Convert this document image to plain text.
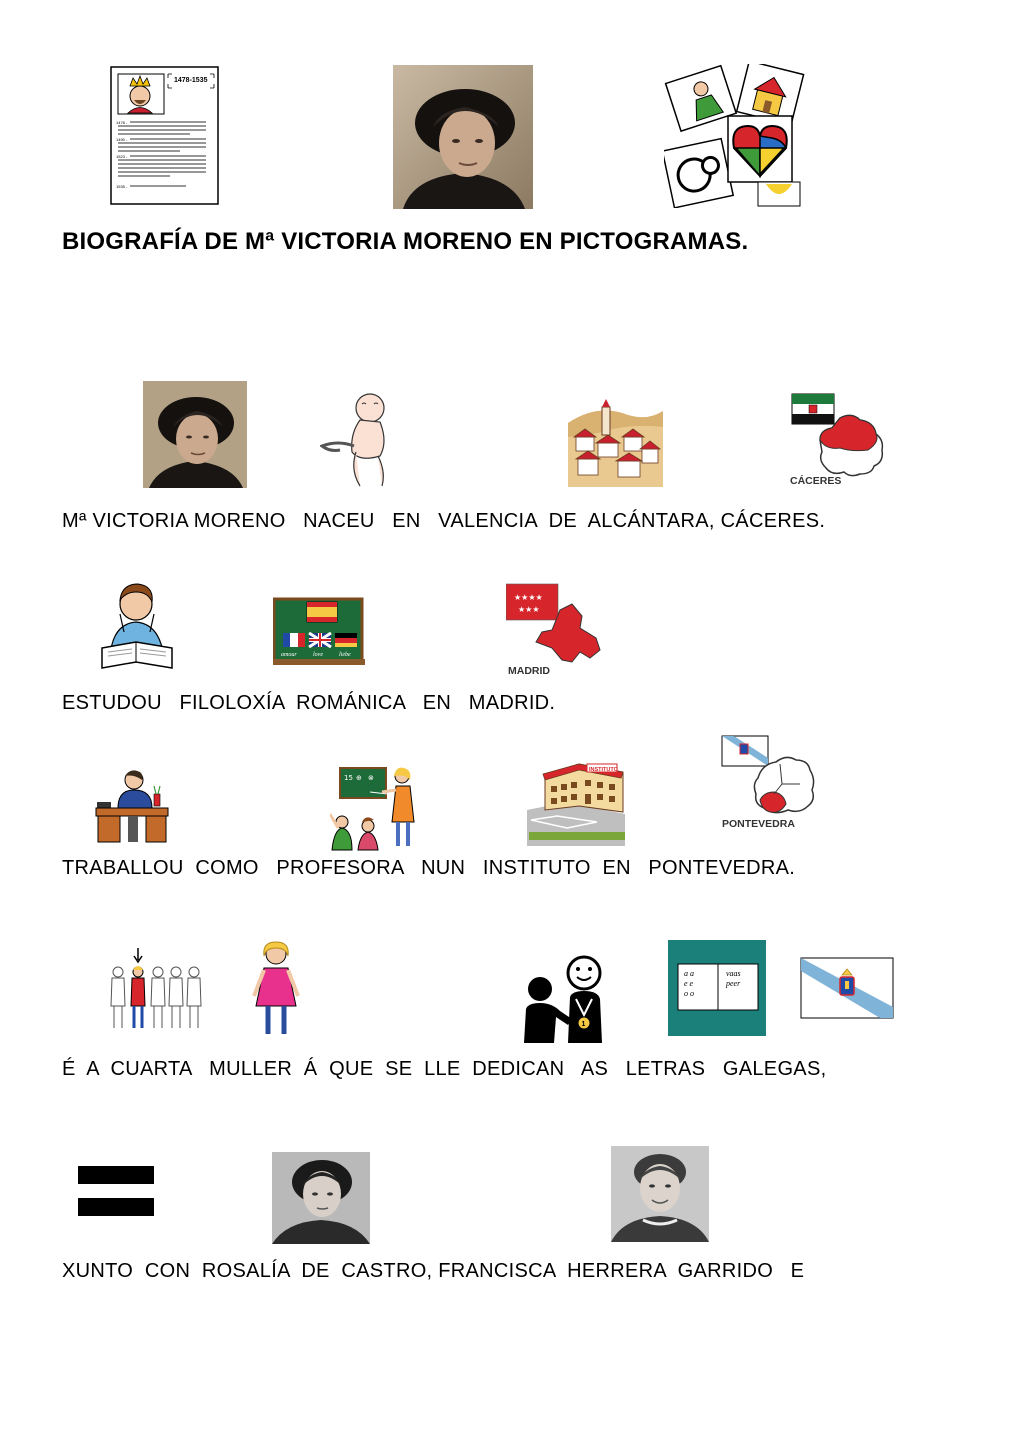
1478-1535
1478 -
1490 -
1523 -
1535 -
BIOGRAFÍA DE Mª VICTORIA MORENO EN PICTOGRAMAS.
CÁCERES
Mª VICTORIA MORENO   NACEU   EN   VALENCIA  DE  ALCÁNTARA, CÁCERES.
amour	love	liebe
★★★★
★★★
MADRID
ESTUDOU   FILOLOXÍA  ROMÁNICA   EN   MADRID.
15 ⊕ ⊗
INSTITUTO
PONTEVEDRA
TRABALLOU  COMO   PROFESORA   NUN   INSTITUTO  EN   PONTEVEDRA.
1
a a
e e
o o
vaas
peer
É  A  CUARTA   MULLER  Á  QUE  SE  LLE  DEDICAN   AS   LETRAS   GALEGAS,
XUNTO  CON  ROSALÍA  DE  CASTRO, FRANCISCA  HERRERA  GARRIDO   E
